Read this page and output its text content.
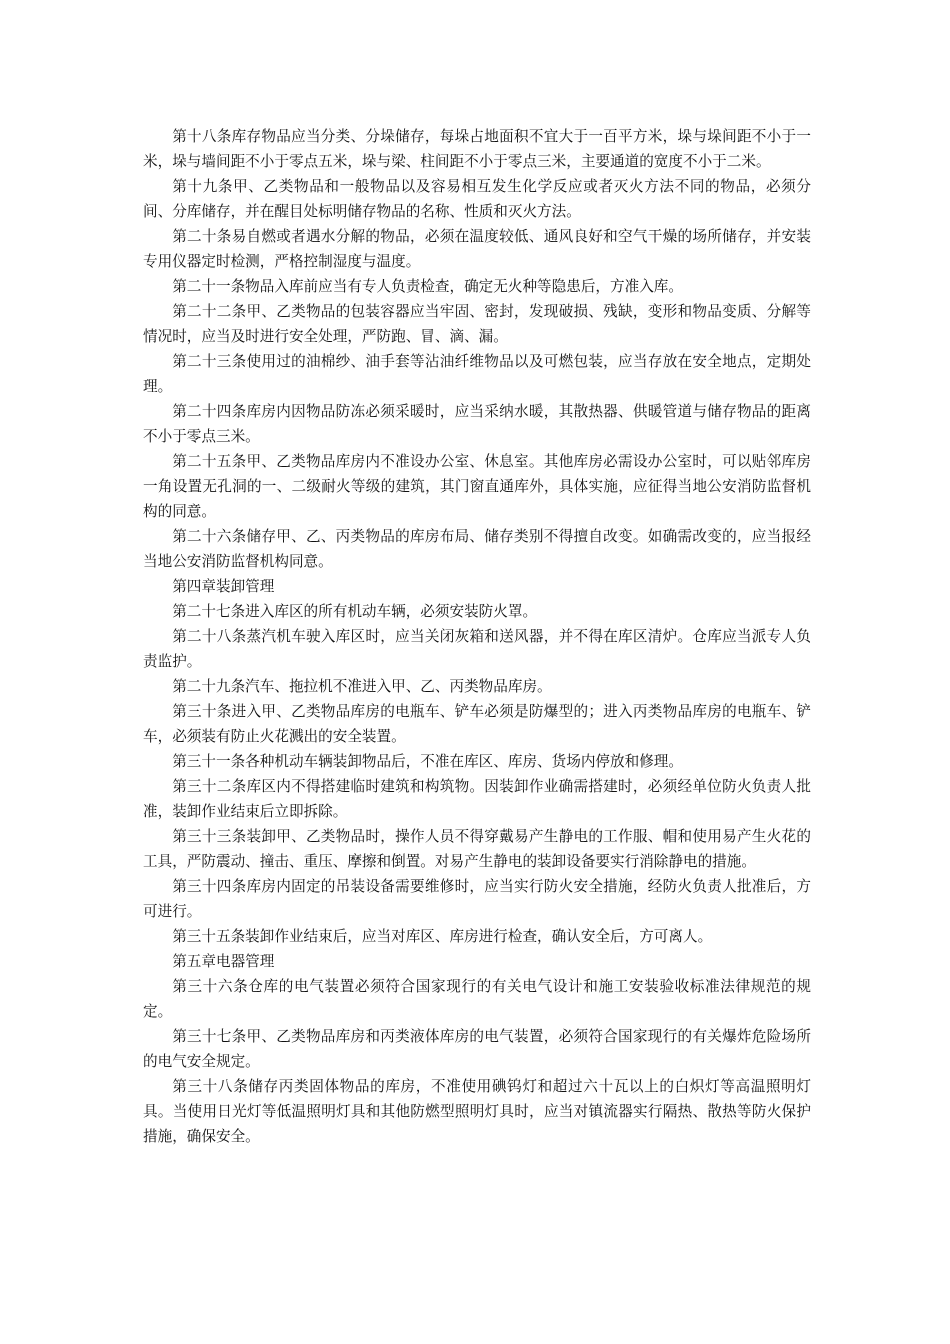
第十八条库存物品应当分类、分垛储存，每垛占地面积不宜大于一百平方米，垛与垛间距不小于一米，垛与墙间距不小于零点五米，垛与梁、柱间距不小于零点三米，主要通道的宽度不小于二米。

第十九条甲、乙类物品和一般物品以及容易相互发生化学反应或者灭火方法不同的物品，必须分间、分库储存，并在醒目处标明储存物品的名称、性质和灭火方法。

第二十条易自燃或者遇水分解的物品，必须在温度较低、通风良好和空气干燥的场所储存，并安装专用仪器定时检测，严格控制湿度与温度。

第二十一条物品入库前应当有专人负责检查，确定无火种等隐患后，方准入库。

第二十二条甲、乙类物品的包装容器应当牢固、密封，发现破损、残缺，变形和物品变质、分解等情况时，应当及时进行安全处理，严防跑、冒、滴、漏。

第二十三条使用过的油棉纱、油手套等沾油纤维物品以及可燃包装，应当存放在安全地点，定期处理。

第二十四条库房内因物品防冻必须采暖时，应当采纳水暖，其散热器、供暖管道与储存物品的距离不小于零点三米。

第二十五条甲、乙类物品库房内不准设办公室、休息室。其他库房必需设办公室时，可以贴邻库房一角设置无孔洞的一、二级耐火等级的建筑，其门窗直通库外，具体实施，应征得当地公安消防监督机构的同意。

第二十六条储存甲、乙、丙类物品的库房布局、储存类别不得擅自改变。如确需改变的，应当报经当地公安消防监督机构同意。

第四章装卸管理

第二十七条进入库区的所有机动车辆，必须安装防火罩。

第二十八条蒸汽机车驶入库区时，应当关闭灰箱和送风器，并不得在库区清炉。仓库应当派专人负责监护。

第二十九条汽车、拖拉机不准进入甲、乙、丙类物品库房。

第三十条进入甲、乙类物品库房的电瓶车、铲车必须是防爆型的；进入丙类物品库房的电瓶车、铲车，必须装有防止火花溅出的安全装置。

第三十一条各种机动车辆装卸物品后，不准在库区、库房、货场内停放和修理。

第三十二条库区内不得搭建临时建筑和构筑物。因装卸作业确需搭建时，必须经单位防火负责人批准，装卸作业结束后立即拆除。

第三十三条装卸甲、乙类物品时，操作人员不得穿戴易产生静电的工作服、帽和使用易产生火花的工具，严防震动、撞击、重压、摩擦和倒置。对易产生静电的装卸设备要实行消除静电的措施。

第三十四条库房内固定的吊装设备需要维修时，应当实行防火安全措施，经防火负责人批准后，方可进行。

第三十五条装卸作业结束后，应当对库区、库房进行检查，确认安全后，方可离人。

第五章电器管理

第三十六条仓库的电气装置必须符合国家现行的有关电气设计和施工安装验收标准法律规范的规定。

第三十七条甲、乙类物品库房和丙类液体库房的电气装置，必须符合国家现行的有关爆炸危险场所的电气安全规定。

第三十八条储存丙类固体物品的库房，不准使用碘钨灯和超过六十瓦以上的白炽灯等高温照明灯具。当使用日光灯等低温照明灯具和其他防燃型照明灯具时，应当对镇流器实行隔热、散热等防火保护措施，确保安全。
